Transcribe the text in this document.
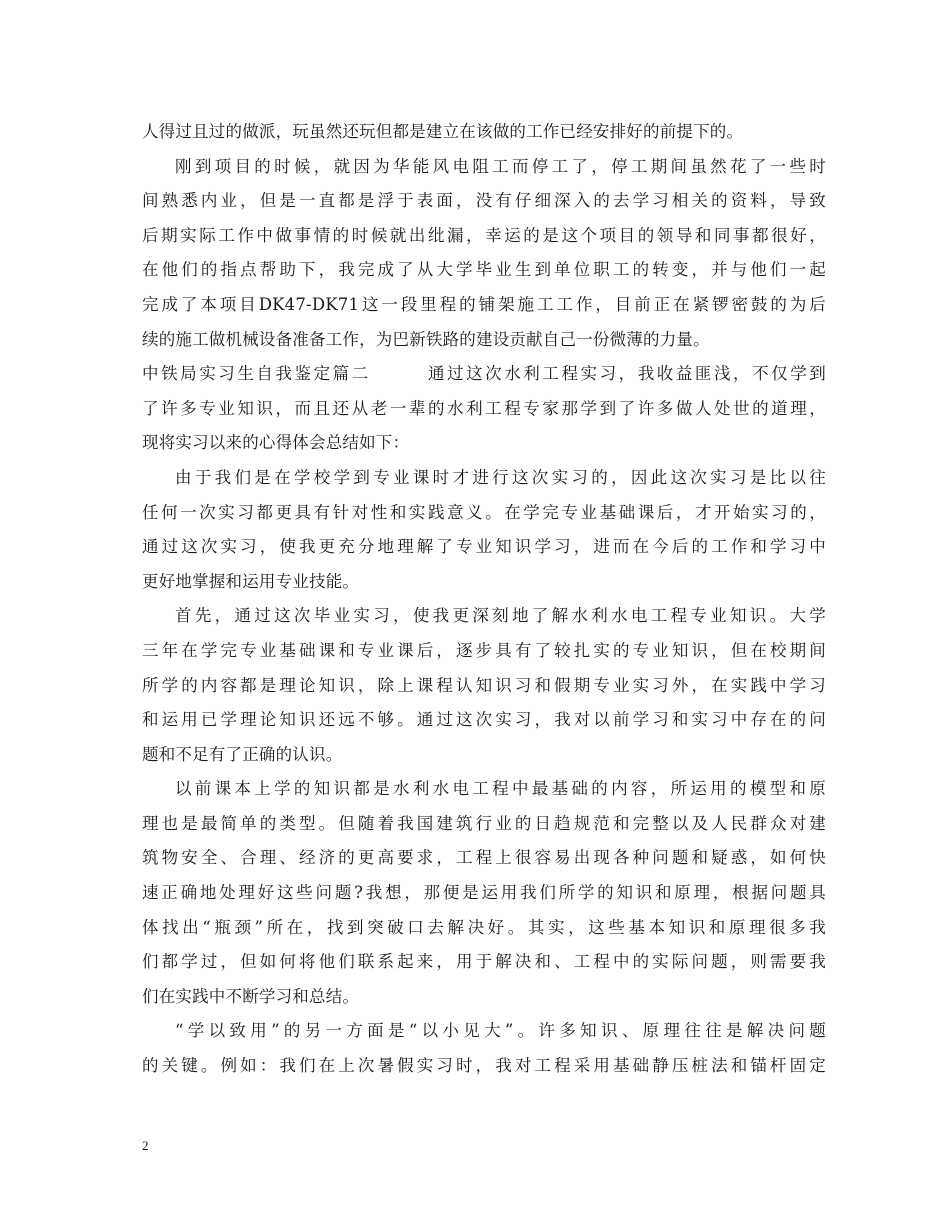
人得过且过的做派，玩虽然还玩但都是建立在该做的工作已经安排好的前提下的。
刚到项目的时候，就因为华能风电阻工而停工了，停工期间虽然花了一些时
间熟悉内业，但是一直都是浮于表面，没有仔细深入的去学习相关的资料，导致
后期实际工作中做事情的时候就出纰漏，幸运的是这个项目的领导和同事都很好，
在他们的指点帮助下，我完成了从大学毕业生到单位职工的转变，并与他们一起
完成了本项目DK47-DK71这一段里程的铺架施工工作，目前正在紧锣密鼓的为后
续的施工做机械设备准备工作，为巴新铁路的建设贡献自己一份微薄的力量。
中铁局实习生自我鉴定篇二　　　通过这次水利工程实习，我收益匪浅，不仅学到
了许多专业知识，而且还从老一辈的水利工程专家那学到了许多做人处世的道理，
现将实习以来的心得体会总结如下：
由于我们是在学校学到专业课时才进行这次实习的，因此这次实习是比以往
任何一次实习都更具有针对性和实践意义。在学完专业基础课后，才开始实习的，
通过这次实习，使我更充分地理解了专业知识学习，进而在今后的工作和学习中
更好地掌握和运用专业技能。
首先，通过这次毕业实习，使我更深刻地了解水利水电工程专业知识。大学
三年在学完专业基础课和专业课后，逐步具有了较扎实的专业知识，但在校期间
所学的内容都是理论知识，除上课程认知识习和假期专业实习外，在实践中学习
和运用已学理论知识还远不够。通过这次实习，我对以前学习和实习中存在的问
题和不足有了正确的认识。
以前课本上学的知识都是水利水电工程中最基础的内容，所运用的模型和原
理也是最简单的类型。但随着我国建筑行业的日趋规范和完整以及人民群众对建
筑物安全、合理、经济的更高要求，工程上很容易出现各种问题和疑惑，如何快
速正确地处理好这些问题?我想，那便是运用我们所学的知识和原理，根据问题具
体找出“瓶颈”所在，找到突破口去解决好。其实，这些基本知识和原理很多我
们都学过，但如何将他们联系起来，用于解决和、工程中的实际问题，则需要我
们在实践中不断学习和总结。
“学以致用”的另一方面是“以小见大”。许多知识、原理往往是解决问题
的关键。例如：我们在上次暑假实习时，我对工程采用基础静压桩法和锚杆固定
2
